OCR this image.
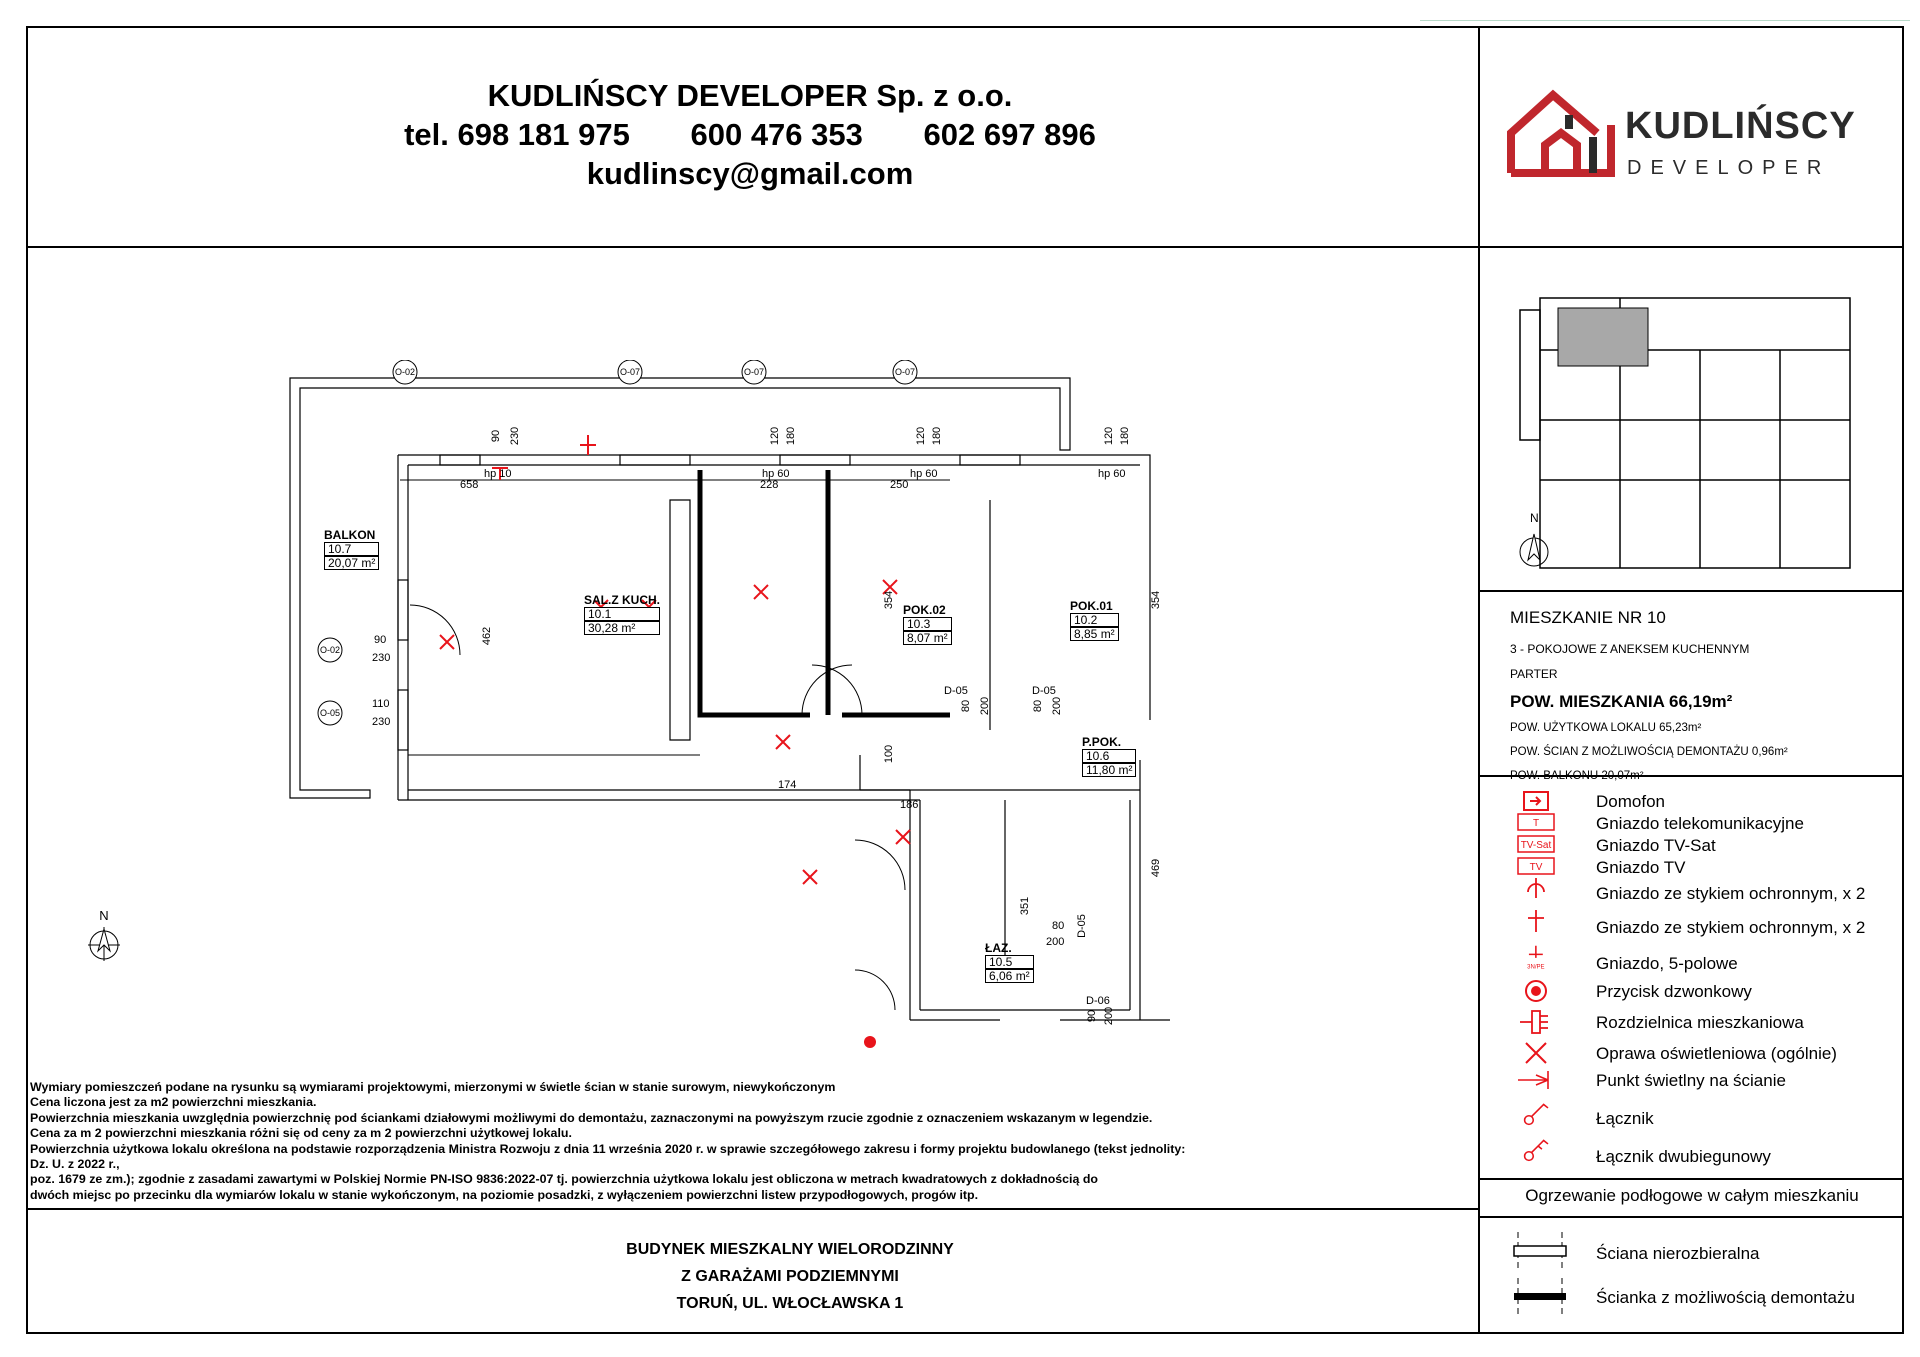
KUDLIŃSCY DEVELOPER Sp. z o.o.
tel. 698 181 975 600 476 353 602 697 896
kudlinscy@gmail.com
KUDLIŃSCY
DEVELOPER
O-02	O-07	O-07	O-07
O-02
O-05
658	228	250
174
186
BALKON
10.7
20,07 m²
SAL.Z KUCH.
10.1
30,28 m²
POK.02
10.3
8,07 m²
POK.01
10.2
8,85 m²
P.POK.
10.6
11,80 m²
ŁAZ.
10.5
6,06 m²
462
354	354
351
469
100
hp 10	hp 60	hp 60	hp 60
90 230	120 180	120 180	120 180
90
230
110
230
D-05	D-05
D-05
D-06
80 200	80 200
80
200
90 200
N
N
MIESZKANIE NR 10
3 - POKOJOWE Z ANEKSEM KUCHENNYM
PARTER
POW. MIESZKANIA 66,19m²
POW. UŻYTKOWA LOKALU 65,23m²
POW. ŚCIAN Z MOŻLIWOŚCIĄ DEMONTAŻU 0,96m²
POW. BALKONU 20,07m²
Domofon
T	Gniazdo telekomunikacyjne
TV-Sat	Gniazdo TV-Sat
TV	Gniazdo TV
Gniazdo ze stykiem ochronnym, x 2
Gniazdo ze stykiem ochronnym, x 2
3N/PE	Gniazdo, 5-polowe
Przycisk dzwonkowy
Rozdzielnica mieszkaniowa
Oprawa oświetleniowa (ogólnie)
Punkt świetlny na ścianie
Łącznik
Łącznik dwubiegunowy
Ogrzewanie podłogowe w całym mieszkaniu
Ściana nierozbieralna
Ścianka z możliwością demontażu

Wymiary pomieszczeń podane na rysunku są wymiarami projektowymi, mierzonymi w świetle ścian w stanie surowym, niewykończonym

Cena liczona jest za m2 powierzchni mieszkania.

Powierzchnia mieszkania uwzględnia powierzchnię pod ściankami działowymi możliwymi do demontażu, zaznaczonymi na powyższym rzucie zgodnie z oznaczeniem wskazanym w legendzie.

Cena za m 2 powierzchni mieszkania różni się od ceny za m 2 powierzchni użytkowej lokalu.

Powierzchnia użytkowa lokalu określona na podstawie rozporządzenia Ministra Rozwoju z dnia 11 września 2020 r. w sprawie szczegółowego zakresu i formy projektu budowlanego (tekst jednolity: Dz. U. z 2022 r.,

poz. 1679 ze zm.); zgodnie z zasadami zawartymi w Polskiej Normie PN-ISO 9836:2022-07 tj. powierzchnia użytkowa lokalu jest obliczona w metrach kwadratowych z dokładnością do

dwóch miejsc po przecinku dla wymiarów lokalu w stanie wykończonym, na poziomie posadzki, z wyłączeniem powierzchni listew przypodłogowych, progów itp.

BUDYNEK MIESZKALNY WIELORODZINNY
Z GARAŻAMI PODZIEMNYMI
TORUŃ, UL. WŁOCŁAWSKA 1
